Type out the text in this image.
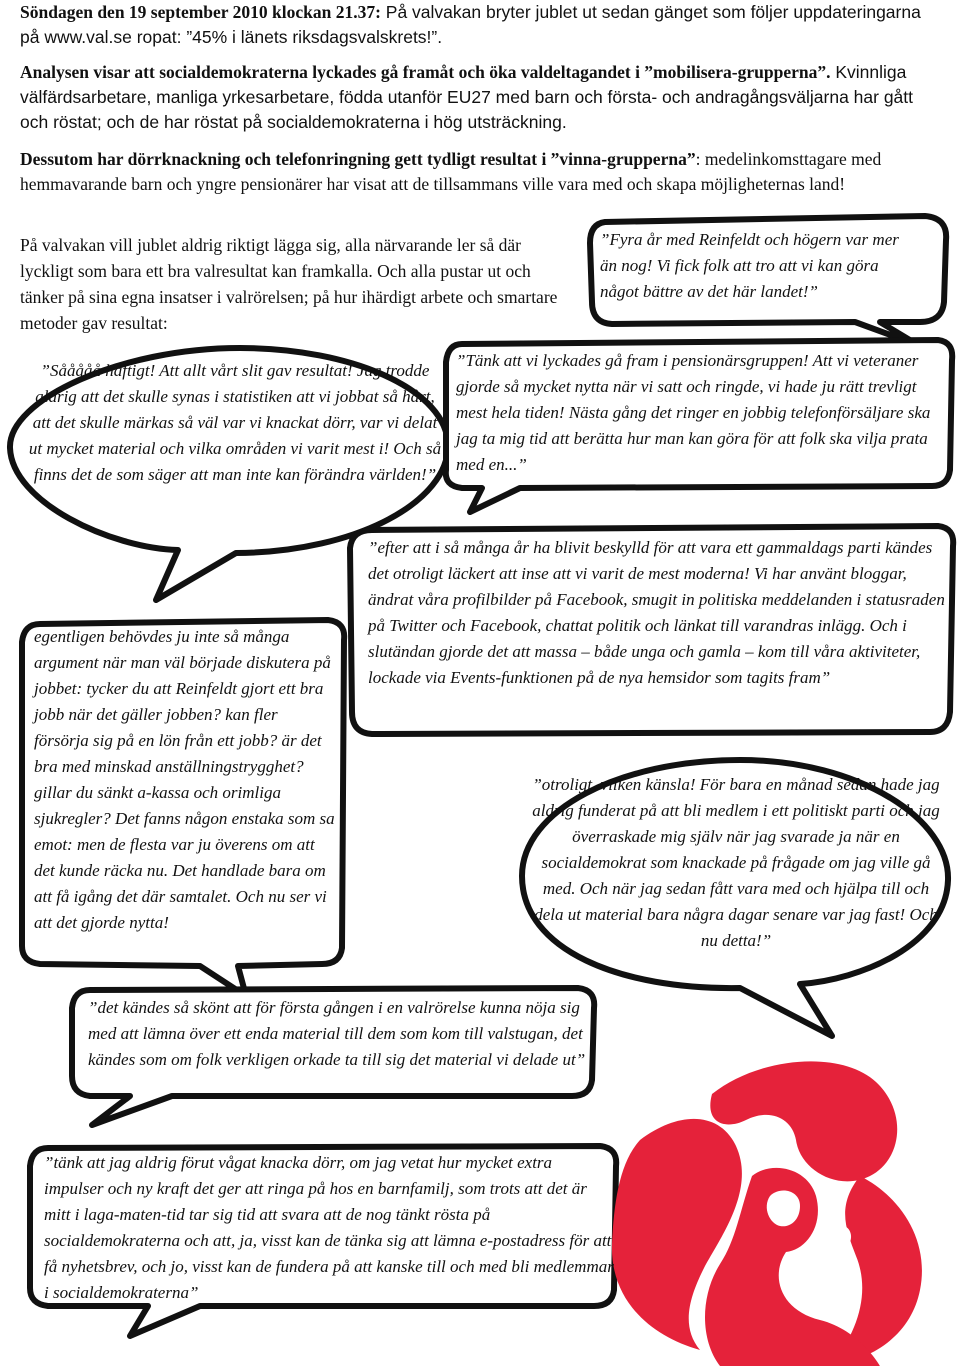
Söndagen den 19 september 2010 klockan 21.37: På valvakan bryter jublet ut sedan gänget som följer uppdateringarna på www.val.se ropat: ”45% i länets riksdagsvalskrets!”.

Analysen visar att socialdemokraterna lyckades gå framåt och öka valdeltagandet i ”mobilisera-grupperna”. Kvinnliga välfärdsarbetare, manliga yrkesarbetare, födda utanför EU27 med barn och första- och andragångsväljarna har gått och röstat; och de har röstat på socialdemokraterna i hög utsträckning.

Dessutom har dörrknackning och telefonringning gett tydligt resultat i ”vinna-grupperna”: medelinkomsttagare med hemmavarande barn och yngre pensionärer har visat att de tillsammans ville vara med och skapa möjligheternas land!

På valvakan vill jublet aldrig riktigt lägga sig, alla närvarande ler så där lyckligt som bara ett bra valresultat kan framkalla. Och alla pustar ut och tänker på sina egna insatser i valrörelsen; på hur ihärdigt arbete och smartare metoder gav resultat:

”Fyra år med Reinfeldt och högern var mer än nog! Vi fick folk att tro att vi kan göra något bättre av det här landet!”

”Sååååå häftigt! Att allt vårt slit gav resultat! Jag trodde aldrig att det skulle synas i statistiken att vi jobbat så hårt, att det skulle märkas så väl var vi knackat dörr, var vi delat ut mycket material och vilka områden vi varit mest i! Och så finns det de som säger att man inte kan förändra världen!”

”Tänk att vi lyckades gå fram i pensionärsgruppen! Att vi veteraner gjorde så mycket nytta när vi satt och ringde, vi hade ju rätt trevligt mest hela tiden! Nästa gång det ringer en jobbig telefonförsäljare ska jag ta mig tid att berätta hur man kan göra för att folk ska vilja prata med en...”

”efter att i så många år ha blivit beskylld för att vara ett gammaldags parti kändes det otroligt läckert att inse att vi varit de mest moderna! Vi har använt bloggar, ändrat våra profilbilder på Facebook, smugit in politiska meddelanden i statusraden på Twitter och Facebook, chattat politik och länkat till varandras inlägg. Och i slutändan gjorde det att massa – både unga och gamla – kom till våra aktiviteter, lockade via Events-funktionen på de nya hemsidor som tagits fram”

egentligen behövdes ju inte så många argument när man väl började diskutera på jobbet: tycker du att Reinfeldt gjort ett bra jobb när det gäller jobben? kan fler försörja sig på en lön från ett jobb? är det bra med minskad anställningstrygghet? gillar du sänkt a-kassa och orimliga sjukregler? Det fanns någon enstaka som sa emot: men de flesta var ju överens om att det kunde räcka nu. Det handlade bara om att få igång det där samtalet. Och nu ser vi att det gjorde nytta!

”otroligt, vilken känsla! För bara en månad sedan hade jag aldrig funderat på att bli medlem i ett politiskt parti och jag överraskade mig själv när jag svarade ja när en socialdemokrat som knackade på frågade om jag ville gå med. Och när jag sedan fått vara med och hjälpa till och dela ut material bara några dagar senare var jag fast! Och nu detta!”

”det kändes så skönt att för första gången i en valrörelse kunna nöja sig med att lämna över ett enda material till dem som kom till valstugan, det kändes som om folk verkligen orkade ta till sig det material vi delade ut”

”tänk att jag aldrig förut vågat knacka dörr, om jag vetat hur mycket extra impulser och ny kraft det ger att ringa på hos en barnfamilj, som trots att det är mitt i laga-maten-tid tar sig tid att svara att de nog tänkt rösta på socialdemokraterna och att, ja, visst kan de tänka sig att lämna e-postadress för att få nyhetsbrev, och jo, visst kan de fundera på att kanske till och med bli medlemmar i socialdemokraterna”
